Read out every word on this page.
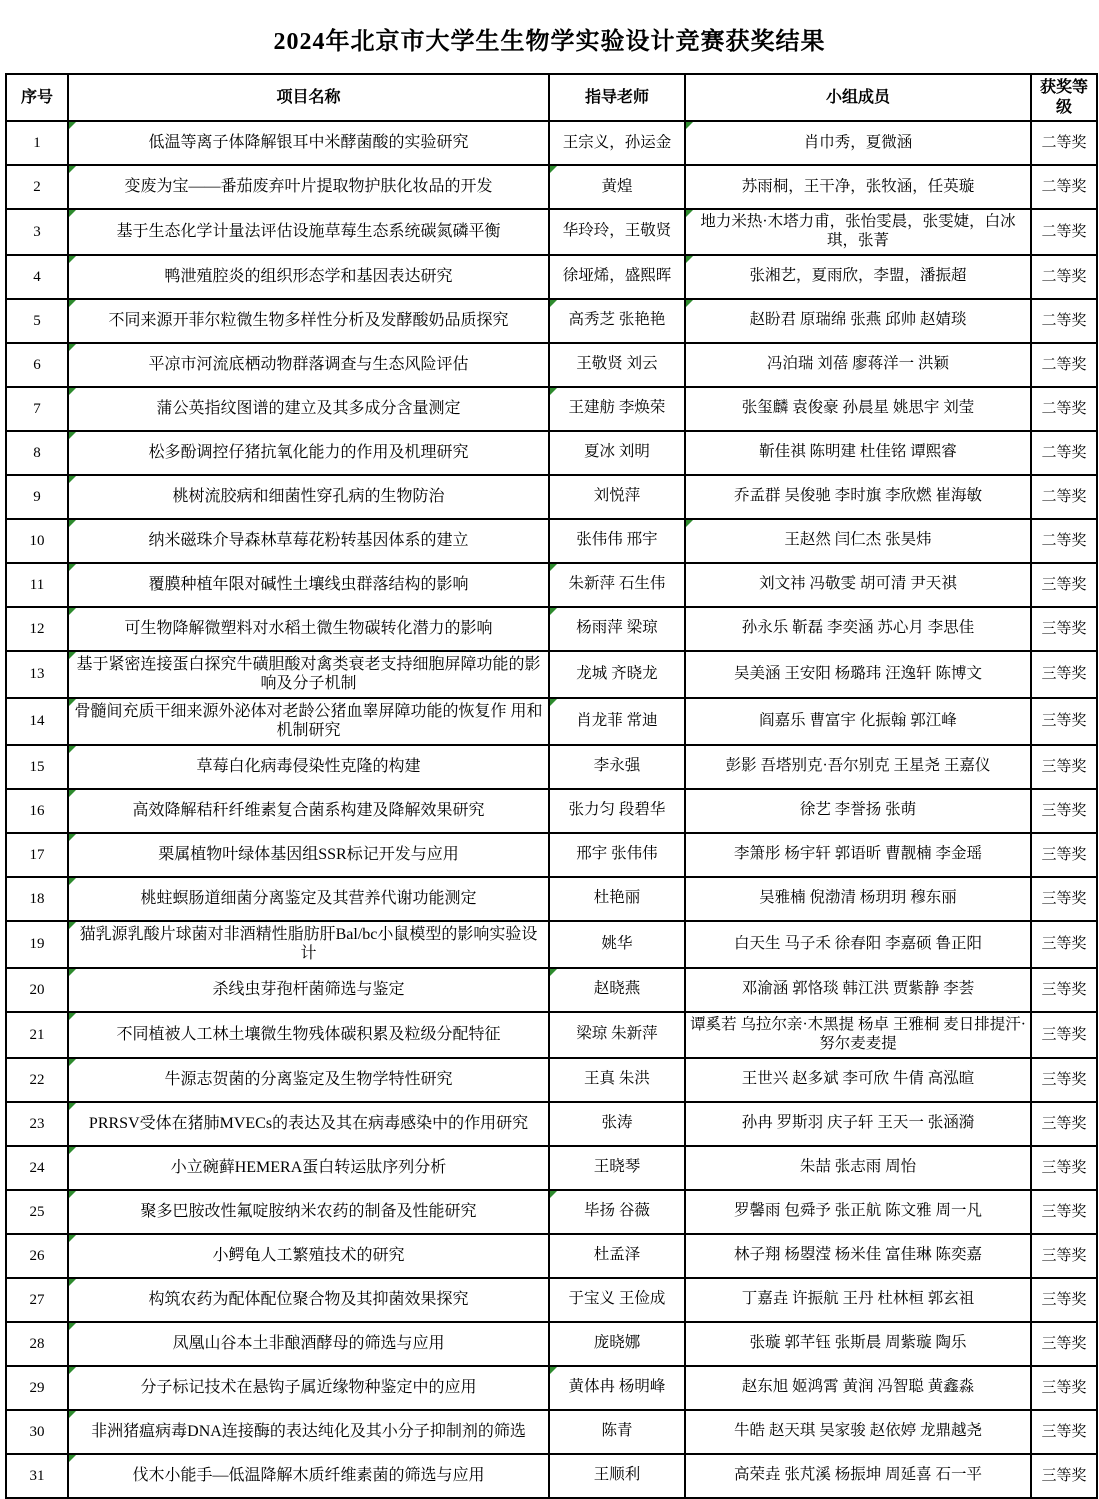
2024年北京市大学生生物学实验设计竞赛获奖结果
序号	项目名称	指导老师	小组成员	获奖等级
1	低温等离子体降解银耳中米酵菌酸的实验研究	王宗义，孙运金	肖巾秀，夏微涵	二等奖
2	变废为宝——番茄废弃叶片提取物护肤化妆品的开发	黄煌	苏雨桐，王干净，张牧涵，任英璇	二等奖
3	基于生态化学计量法评估设施草莓生态系统碳氮磷平衡	华玲玲，王敬贤	地力米热·木塔力甫，张怡雯晨，张雯婕，白冰琪，张菁	二等奖
4	鸭泄殖腔炎的组织形态学和基因表达研究	徐垭烯，盛熙晖	张湘艺，夏雨欣，李盟，潘振超	二等奖
5	不同来源开菲尔粒微生物多样性分析及发酵酸奶品质探究	高秀芝 张艳艳	赵盼君 原瑞绵 张燕 邱帅 赵婧琰	二等奖
6	平凉市河流底栖动物群落调查与生态风险评估	王敬贤 刘云	冯泊瑞 刘蓓 廖蒋洋一 洪颖	二等奖
7	蒲公英指纹图谱的建立及其多成分含量测定	王建舫 李焕荣	张玺麟 袁俊豪 孙晨星 姚思宇 刘莹	二等奖
8	松多酚调控仔猪抗氧化能力的作用及机理研究	夏冰 刘明	靳佳祺 陈明建 杜佳铭 谭熙睿	二等奖
9	桃树流胶病和细菌性穿孔病的生物防治	刘悦萍	乔孟群 吴俊驰 李时旗 李欣燃 崔海敏	二等奖
10	纳米磁珠介导森林草莓花粉转基因体系的建立	张伟伟 邢宇	王赵然 闫仁杰 张昊炜	二等奖
11	覆膜种植年限对碱性土壤线虫群落结构的影响	朱新萍 石生伟	刘文祎 冯敬雯 胡可清 尹天祺	三等奖
12	可生物降解微塑料对水稻土微生物碳转化潜力的影响	杨雨萍 梁琼	孙永乐 靳磊 李奕涵 苏心月 李思佳	三等奖
13	基于紧密连接蛋白探究牛磺胆酸对禽类衰老支持细胞屏障功能的影响及分子机制	龙城 齐晓龙	吴美涵 王安阳 杨璐玮 汪逸轩 陈博文	三等奖
14	骨髓间充质干细来源外泌体对老龄公猪血睾屏障功能的恢复作 用和机制研究	肖龙菲 常迪	阎嘉乐 曹富宇 化振翰 郭江峰	三等奖
15	草莓白化病毒侵染性克隆的构建	李永强	彭影 吾塔别克·吾尔别克 王星尧 王嘉仪	三等奖
16	高效降解秸秆纤维素复合菌系构建及降解效果研究	张力匀 段碧华	徐艺 李誉扬 张萌	三等奖
17	栗属植物叶绿体基因组SSR标记开发与应用	邢宇 张伟伟	李箫彤 杨宇轩 郭语昕 曹靓楠 李金瑶	三等奖
18	桃蛀螟肠道细菌分离鉴定及其营养代谢功能测定	杜艳丽	吴雅楠 倪渤清 杨玥玥 穆东丽	三等奖
19	猫乳源乳酸片球菌对非酒精性脂肪肝Bal/bc小鼠模型的影响实验设计	姚华	白天生 马子禾 徐春阳 李嘉硕 鲁正阳	三等奖
20	杀线虫芽孢杆菌筛选与鉴定	赵晓燕	邓渝涵 郭恪琰 韩江洪 贾紫静 李荟	三等奖
21	不同植被人工林土壤微生物残体碳积累及粒级分配特征	梁琼 朱新萍	谭奚若 乌拉尔亲·木黑提 杨卓 王雅桐 麦日排提汗·努尔麦麦提	三等奖
22	牛源志贺菌的分离鉴定及生物学特性研究	王真 朱洪	王世兴 赵多斌 李可欣 牛倩 高泓暄	三等奖
23	PRRSV受体在猪肺MVECs的表达及其在病毒感染中的作用研究	张涛	孙冉 罗斯羽 庆子轩 王天一 张涵漪	三等奖
24	小立碗藓HEMERA蛋白转运肽序列分析	王晓琴	朱喆 张志雨 周怡	三等奖
25	聚多巴胺改性氟啶胺纳米农药的制备及性能研究	毕扬 谷薇	罗馨雨 包舜予 张正航 陈文雅 周一凡	三等奖
26	小鳄龟人工繁殖技术的研究	杜孟泽	林子翔 杨曌滢 杨米佳 富佳琳 陈奕嘉	三等奖
27	构筑农药为配体配位聚合物及其抑菌效果探究	于宝义 王俭成	丁嘉垚 许振航 王丹 杜林桓 郭玄祖	三等奖
28	凤凰山谷本土非酿酒酵母的筛选与应用	庞晓娜	张璇 郭芊钰 张斯晨 周紫璇 陶乐	三等奖
29	分子标记技术在悬钩子属近缘物种鉴定中的应用	黄体冉 杨明峰	赵东旭 姬鸿霄 黄润 冯智聪 黄鑫淼	三等奖
30	非洲猪瘟病毒DNA连接酶的表达纯化及其小分子抑制剂的筛选	陈青	牛皓 赵天琪 吴家骏 赵依婷 龙鼎越尧	三等奖
31	伐木小能手—低温降解木质纤维素菌的筛选与应用	王顺利	高荣垚 张芃溪 杨振坤 周延喜 石一平	三等奖
